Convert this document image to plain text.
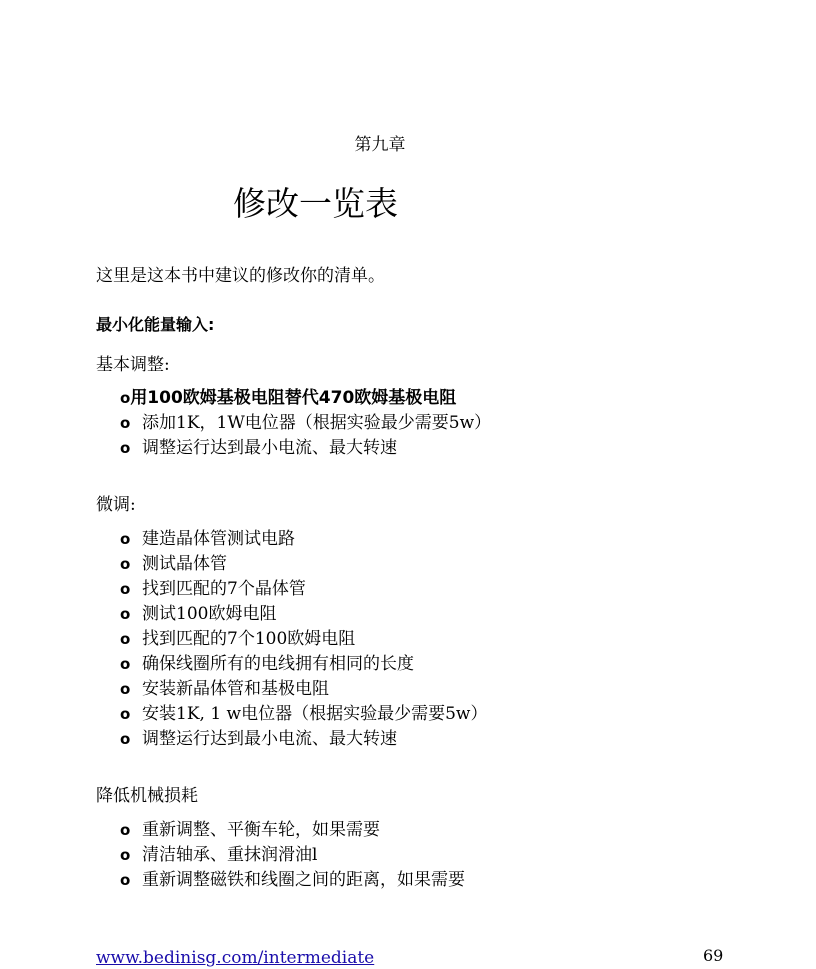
第九章
修改一览表
这里是这本书中建议的修改你的清单。
最小化能量输入:
基本调整:
o用100欧姆基极电阻替代470欧姆基极电阻
o 添加1K，1W电位器（根据实验最少需要5w）
o 调整运行达到最小电流、最大转速
微调:
o 建造晶体管测试电路
o 测试晶体管
o 找到匹配的7个晶体管
o 测试100欧姆电阻
o 找到匹配的7个100欧姆电阻
o 确保线圈所有的电线拥有相同的长度
o 安装新晶体管和基极电阻
o 安装1K, 1 w电位器（根据实验最少需要5w）
o 调整运行达到最小电流、最大转速
降低机械损耗
o 重新调整、平衡车轮，如果需要
o 清洁轴承、重抹润滑油l
o 重新调整磁铁和线圈之间的距离，如果需要
www.bedinisg.com/intermediate	69
